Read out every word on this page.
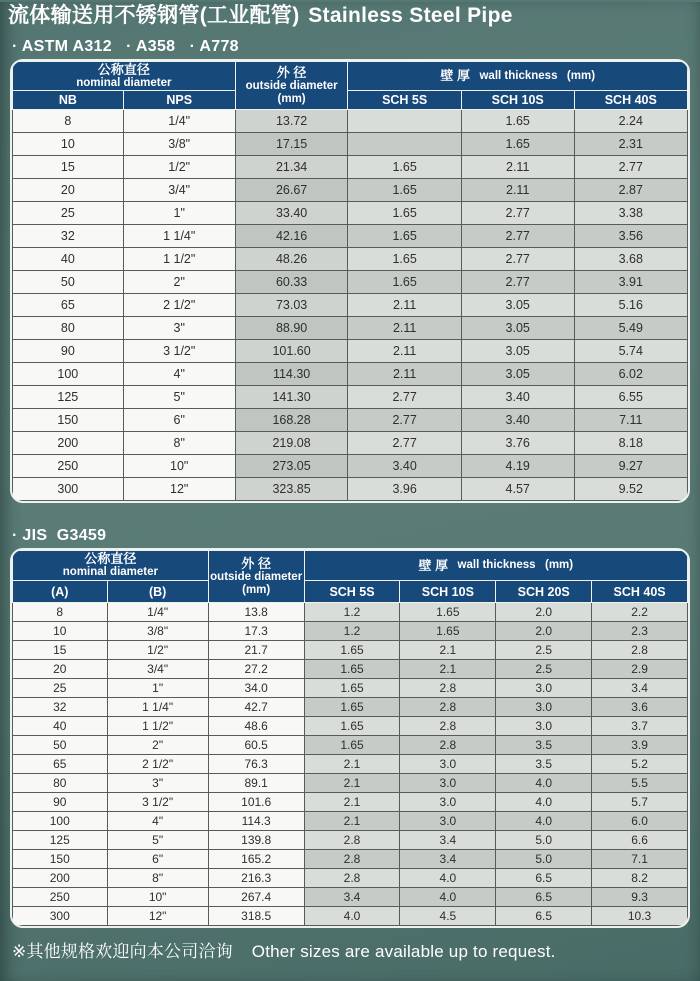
流体输送用不锈钢管(工业配管) Stainless Steel Pipe
· ASTM A312   · A358   · A778
公称直径
nominal diameter

外 径
outside diameter
(mm)
	壁 厚 wall thickness (mm)
NB	NPS		SCH 5S	SCH 10S	SCH 40S
8	1/4"	13.72		1.65	2.24
10	3/8"	17.15		1.65	2.31
15	1/2"	21.34	1.65	2.11	2.77
20	3/4"	26.67	1.65	2.11	2.87
25	1"	33.40	1.65	2.77	3.38
32	1 1/4"	42.16	1.65	2.77	3.56
40	1 1/2"	48.26	1.65	2.77	3.68
50	2"	60.33	1.65	2.77	3.91
65	2 1/2"	73.03	2.11	3.05	5.16
80	3"	88.90	2.11	3.05	5.49
90	3 1/2"	101.60	2.11	3.05	5.74
100	4"	114.30	2.11	3.05	6.02
125	5"	141.30	2.77	3.40	6.55
150	6"	168.28	2.77	3.40	7.11
200	8"	219.08	2.77	3.76	8.18
250	10"	273.05	3.40	4.19	9.27
300	12"	323.85	3.96	4.57	9.52
· JIS  G3459
公称直径
nominal diameter

外 径
outside diameter
(mm)
	壁 厚 wall thickness (mm)
(A)	(B)		SCH 5S	SCH 10S	SCH 20S	SCH 40S
8	1/4"	13.8	1.2	1.65	2.0	2.2
10	3/8"	17.3	1.2	1.65	2.0	2.3
15	1/2"	21.7	1.65	2.1	2.5	2.8
20	3/4"	27.2	1.65	2.1	2.5	2.9
25	1"	34.0	1.65	2.8	3.0	3.4
32	1 1/4"	42.7	1.65	2.8	3.0	3.6
40	1 1/2"	48.6	1.65	2.8	3.0	3.7
50	2"	60.5	1.65	2.8	3.5	3.9
65	2 1/2"	76.3	2.1	3.0	3.5	5.2
80	3"	89.1	2.1	3.0	4.0	5.5
90	3 1/2"	101.6	2.1	3.0	4.0	5.7
100	4"	114.3	2.1	3.0	4.0	6.0
125	5"	139.8	2.8	3.4	5.0	6.6
150	6"	165.2	2.8	3.4	5.0	7.1
200	8"	216.3	2.8	4.0	6.5	8.2
250	10"	267.4	3.4	4.0	6.5	9.3
300	12"	318.5	4.0	4.5	6.5	10.3
※其他规格欢迎向本公司洽询 Other sizes are available up to request.
